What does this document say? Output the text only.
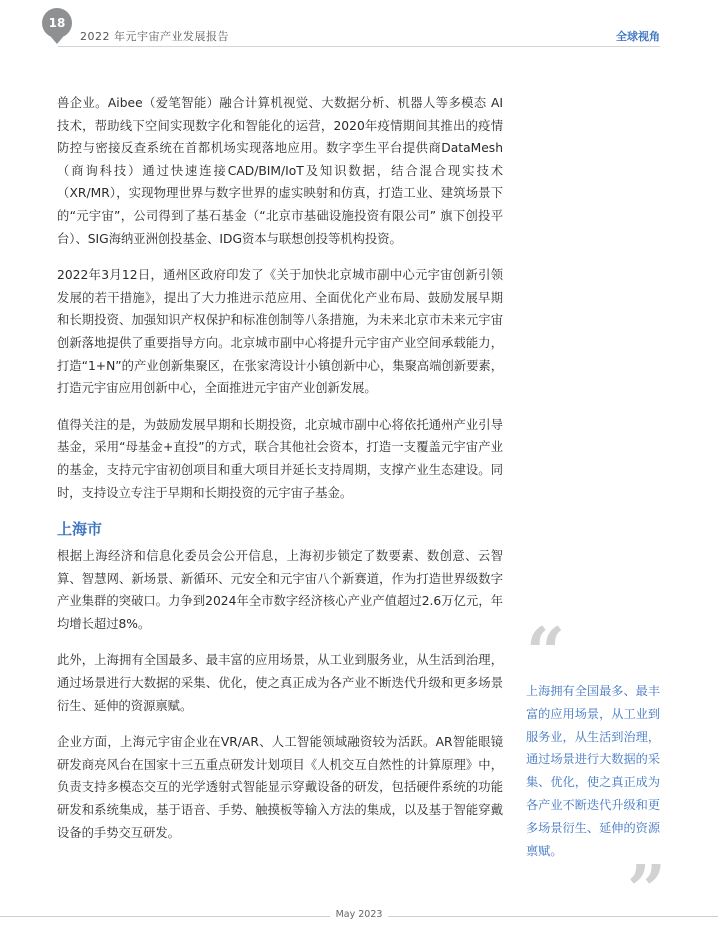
18
2022 年元宇宙产业发展报告	全球视角

兽企业。Aibee（爱笔智能）融合计算机视觉、大数据分析、机器人等多模态 AI 技术，帮助线下空间实现数字化和智能化的运营，2020年疫情期间其推出的疫情防控与密接反查系统在首都机场实现落地应用。数字孪生平台提供商DataMesh（商询科技）通过快速连接CAD/BIM/IoT及知识数据，结合混合现实技术（XR/MR），实现物理世界与数字世界的虚实映射和仿真，打造工业、建筑场景下的“元宇宙”，公司得到了基石基金（“北京市基础设施投资有限公司” 旗下创投平台）、SIG海纳亚洲创投基金、IDG资本与联想创投等机构投资。

2022年3月12日，通州区政府印发了《关于加快北京城市副中心元宇宙创新引领发展的若干措施》，提出了大力推进示范应用、全面优化产业布局、鼓励发展早期和长期投资、加强知识产权保护和标准创制等八条措施，为未来北京市未来元宇宙创新落地提供了重要指导方向。北京城市副中心将提升元宇宙产业空间承载能力，打造“1+N”的产业创新集聚区，在张家湾设计小镇创新中心，集聚高端创新要素，打造元宇宙应用创新中心，全面推进元宇宙产业创新发展。

值得关注的是，为鼓励发展早期和长期投资，北京城市副中心将依托通州产业引导基金，采用“母基金+直投”的方式，联合其他社会资本，打造一支覆盖元宇宙产业的基金，支持元宇宙初创项目和重大项目并延长支持周期，支撑产业生态建设。同时，支持设立专注于早期和长期投资的元宇宙子基金。

上海市

根据上海经济和信息化委员会公开信息，上海初步锁定了数要素、数创意、云智算、智慧网、新场景、新循环、元安全和元宇宙八个新赛道，作为打造世界级数字产业集群的突破口。力争到2024年全市数字经济核心产业产值超过2.6万亿元，年均增长超过8%。

此外，上海拥有全国最多、最丰富的应用场景，从工业到服务业，从生活到治理，通过场景进行大数据的采集、优化，使之真正成为各产业不断迭代升级和更多场景衍生、延伸的资源禀赋。

企业方面，上海元宇宙企业在VR/AR、人工智能领域融资较为活跃。AR智能眼镜研发商亮风台在国家十三五重点研发计划项目《人机交互自然性的计算原理》中，负责支持多模态交互的光学透射式智能显示穿戴设备的研发，包括硬件系统的功能研发和系统集成，基于语音、手势、触摸板等输入方法的集成，以及基于智能穿戴设备的手势交互研发。

“
上海拥有全国最多、最丰富的应用场景，从工业到服务业，从生活到治理，通过场景进行大数据的采集、优化，使之真正成为各产业不断迭代升级和更多场景衍生、延伸的资源禀赋。
”
May 2023
